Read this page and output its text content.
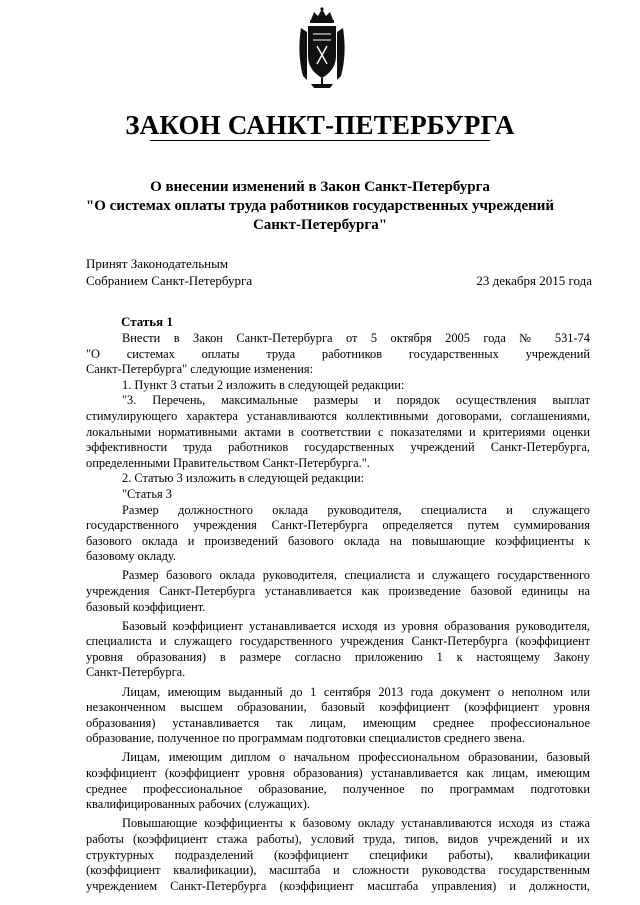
ЗАКОН САНКТ-ПЕТЕРБУРГА
О внесении изменений в Закон Санкт-Петербурга
"О системах оплаты труда работников государственных учреждений
Санкт-Петербурга"
Принят Законодательным
Собранием Санкт-Петербурга	23 декабря 2015 года
Статья 1
Внести в Закон Санкт-Петербурга от 5 октября 2005 года № 531-74
"О системах оплаты труда работников государственных учреждений
Санкт-Петербурга" следующие изменения:
1. Пункт 3 статьи 2 изложить в следующей редакции:
"3. Перечень, максимальные размеры и порядок осуществления выплат
стимулирующего характера устанавливаются коллективными договорами, соглашениями,
локальными нормативными актами в соответствии с показателями и критериями оценки
эффективности труда работников государственных учреждений Санкт-Петербурга,
определенными Правительством Санкт-Петербурга.".
2. Статью 3 изложить в следующей редакции:
"Статья 3
Размер должностного оклада руководителя, специалиста и служащего
государственного учреждения Санкт-Петербурга определяется путем суммирования
базового оклада и произведений базового оклада на повышающие коэффициенты к
базовому окладу.
Размер базового оклада руководителя, специалиста и служащего государственного
учреждения Санкт-Петербурга устанавливается как произведение базовой единицы на
базовый коэффициент.
Базовый коэффициент устанавливается исходя из уровня образования руководителя,
специалиста и служащего государственного учреждения Санкт-Петербурга (коэффициент
уровня образования) в размере согласно приложению 1 к настоящему Закону
Санкт-Петербурга.
Лицам, имеющим выданный до 1 сентября 2013 года документ о неполном или
незаконченном высшем образовании, базовый коэффициент (коэффициент уровня
образования) устанавливается так лицам, имеющим среднее профессиональное
образование, полученное по программам подготовки специалистов среднего звена.
Лицам, имеющим диплом о начальном профессиональном образовании, базовый
коэффициент (коэффициент уровня образования) устанавливается как лицам, имеющим
среднее профессиональное образование, полученное по программам подготовки
квалифицированных рабочих (служащих).
Повышающие коэффициенты к базовому окладу устанавливаются исходя из стажа
работы (коэффициент стажа работы), условий труда, типов, видов учреждений и их
структурных подразделений (коэффициент специфики работы), квалификации
(коэффициент квалификации), масштаба и сложности руководства государственным
учреждением Санкт-Петербурга (коэффициент масштаба управления) и должности,
